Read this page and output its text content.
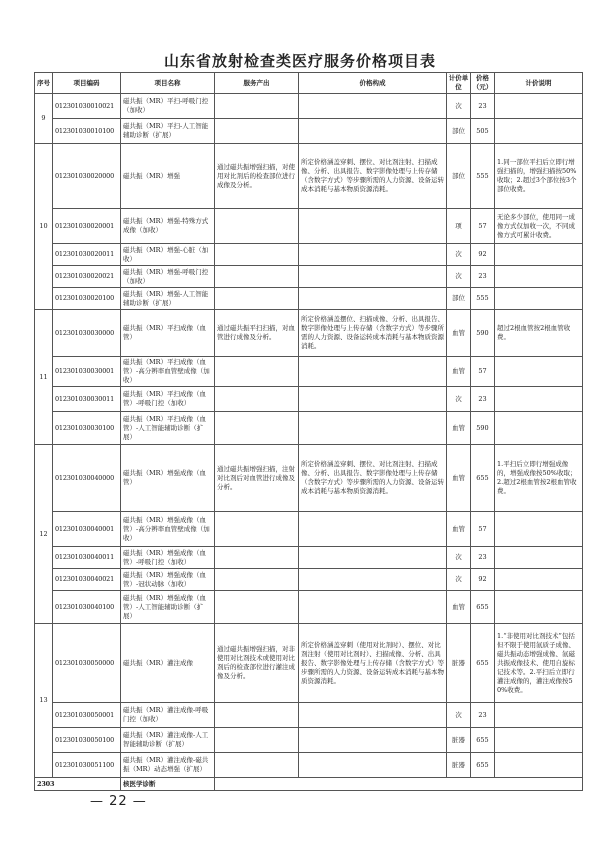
山东省放射检查类医疗服务价格项目表
序号	项目编码	项目名称	服务产出	价格构成	计价单位	价格（元）	计价说明
9	012301030010021	磁共振（MR）平扫-呼吸门控（加收）			次	23	
	012301030010100	磁共振（MR）平扫-人工智能辅助诊断（扩展）			部位	505	
10	012301030020000	磁共振（MR）增强	通过磁共振增强扫描，对使用对比剂后的检查部位进行成像及分析。	所定价格涵盖穿刺、摆位、对比剂注射、扫描成像、分析、出具报告、数字影像处理与上传存储（含数字方式）等步骤所需的人力资源、设备运转成本消耗与基本物质资源消耗。	部位	555	1.同一部位平扫后立即行增强扫描的，增强扫描按50%收取；2.超过3个部位按3个部位收费。
	012301030020001	磁共振（MR）增强-特殊方式成像（加收）			项	57	无论多少部位，使用同一成像方式仅加收一次，不同成像方式可累计收费。
	012301030020011	磁共振（MR）增强-心脏（加收）			次	92	
	012301030020021	磁共振（MR）增强-呼吸门控（加收）			次	23	
	012301030020100	磁共振（MR）增强-人工智能辅助诊断（扩展）			部位	555	
11	012301030030000	磁共振（MR）平扫成像（血管）	通过磁共振平扫扫描，对血管进行成像及分析。	所定价格涵盖摆位、扫描成像、分析、出具报告、数字影像处理与上传存储（含数字方式）等步骤所需的人力资源、设备运转成本消耗与基本物质资源消耗。	血管	590	超过2根血管按2根血管收费。
	012301030030001	磁共振（MR）平扫成像（血管）-高分辨率血管壁成像（加收）			血管	57	
	012301030030011	磁共振（MR）平扫成像（血管）-呼吸门控（加收）			次	23	
	012301030030100	磁共振（MR）平扫成像（血管）-人工智能辅助诊断（扩展）			血管	590	
12	012301030040000	磁共振（MR）增强成像（血管）	通过磁共振增强扫描，注射对比剂后对血管进行成像及分析。	所定价格涵盖穿刺、摆位、对比剂注射、扫描成像、分析、出具报告、数字影像处理与上传存储（含数字方式）等步骤所需的人力资源、设备运转成本消耗与基本物质资源消耗。	血管	655	1.平扫后立即行增强成像的，增强成像按50%收取；2.超过2根血管按2根血管收费。
	012301030040001	磁共振（MR）增强成像（血管）-高分辨率血管壁成像（加收）			血管	57	
	012301030040011	磁共振（MR）增强成像（血管）-呼吸门控（加收）			次	23	
	012301030040021	磁共振（MR）增强成像（血管）-冠状动脉（加收）			次	92	
	012301030040100	磁共振（MR）增强成像（血管）-人工智能辅助诊断（扩展）			血管	655	
13	012301030050000	磁共振（MR）灌注成像	通过磁共振增强扫描，对非使用对比剂技术或使用对比剂后的检查部位进行灌注成像及分析。	所定价格涵盖穿刺（使用对比剂时）、摆位、对比剂注射（使用对比剂时）、扫描成像、分析、出具报告、数字影像处理与上传存储（含数字方式）等步骤所需的人力资源、设备运转成本消耗与基本物质资源消耗。	脏器	655	1.“非使用对比剂技术”包括但不限于使用氙质子成像、磁共振动态增强成像、氙磁共振成像技术、使用自旋标记技术等。2.平扫后立即行灌注成像的，灌注成像按50%收费。
	012301030050001	磁共振（MR）灌注成像-呼吸门控（加收）			次	23	
	012301030050100	磁共振（MR）灌注成像-人工智能辅助诊断（扩展）			脏器	655	
	012301030051100	磁共振（MR）灌注成像-磁共振（MR）动态增强（扩展）			脏器	655	
2303		核医学诊断					
— 22 —
